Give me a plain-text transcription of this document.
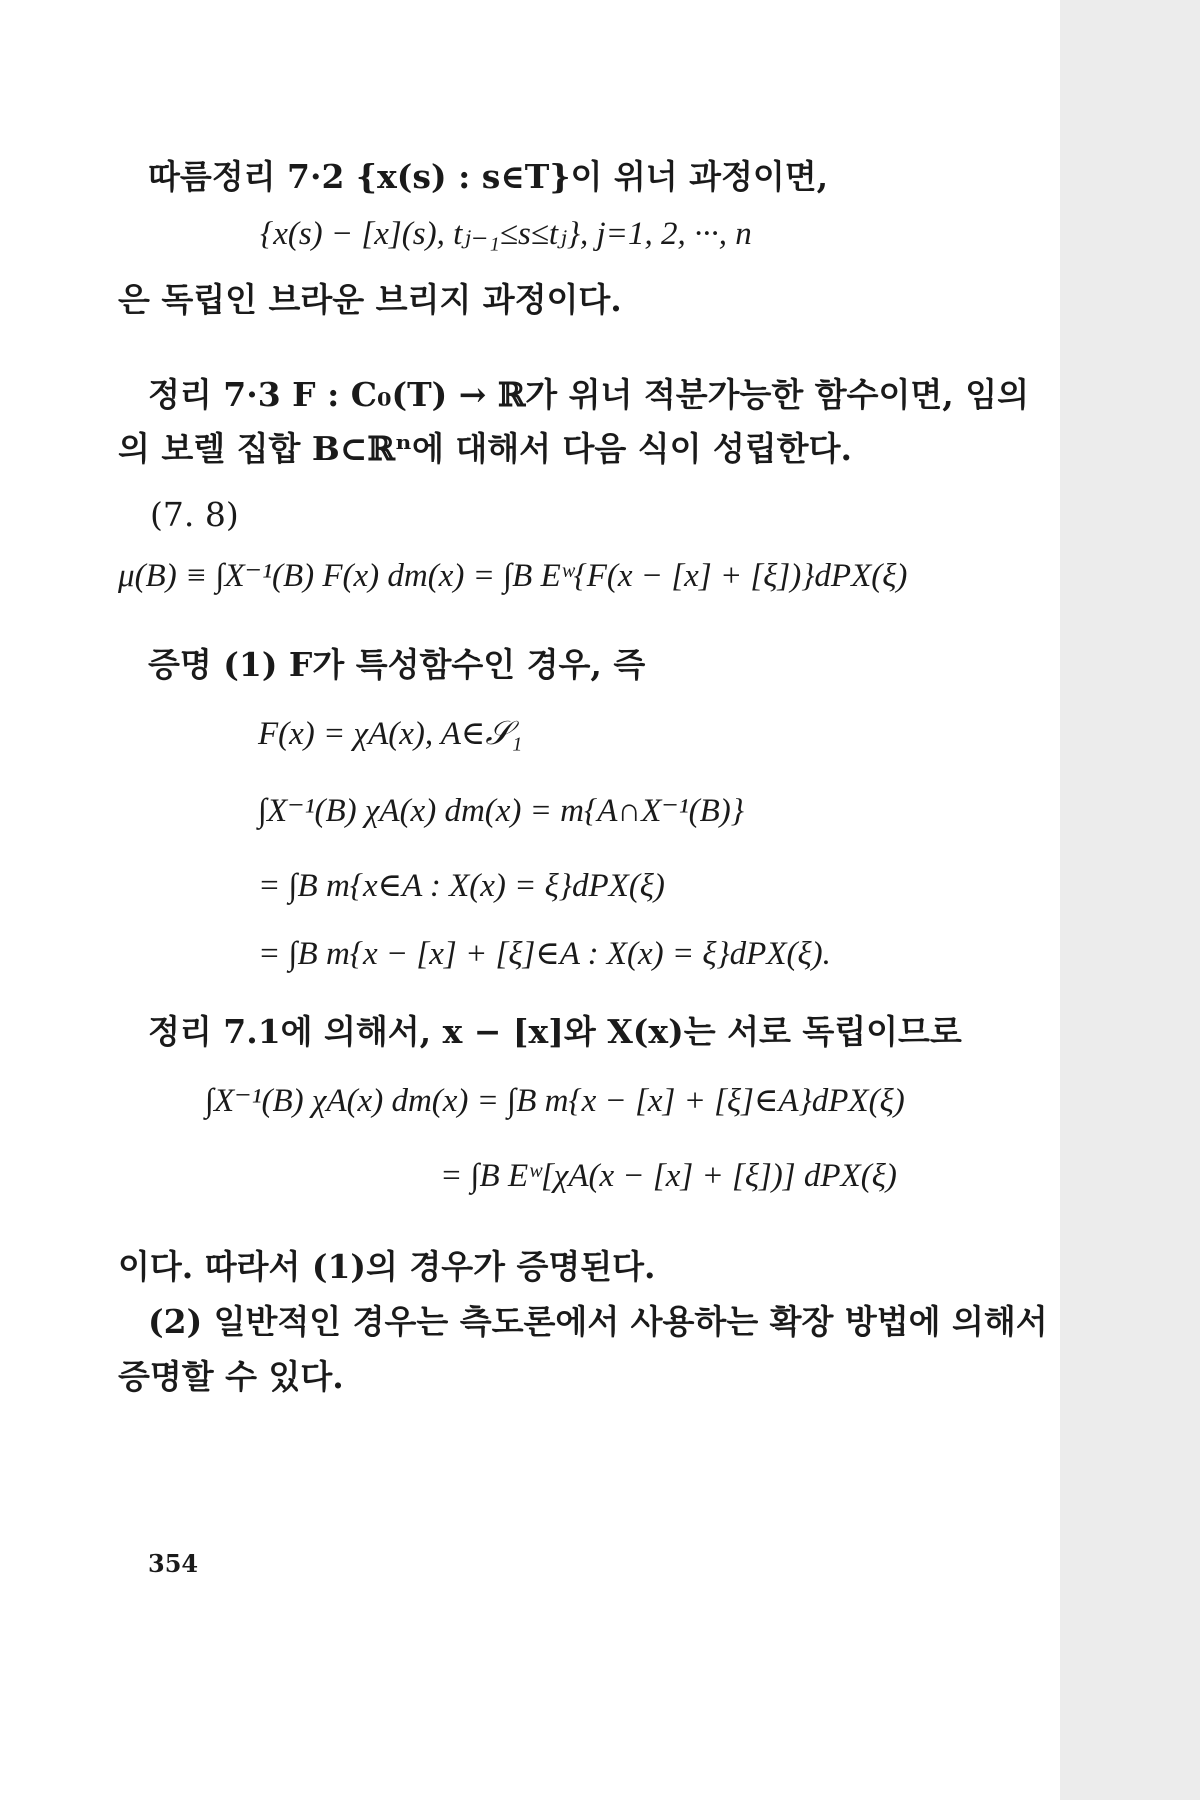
따름정리 7·2 {x(s) : s∈T}이 위너 과정이면,
{x(s) − [x](s), tⱼ₋₁≤s≤tⱼ}, j=1, 2, ···, n
은 독립인 브라운 브리지 과정이다.
정리 7·3 F : C₀(T) → ℝ가 위너 적분가능한 함수이면, 임의
의 보렐 집합 B⊂ℝⁿ에 대해서 다음 식이 성립한다.
(7. 8)
μ(B) ≡ ∫X⁻¹(B) F(x) dm(x) = ∫B Eʷ{F(x − [x] + [ξ])}dPX(ξ)
증명 (1) F가 특성함수인 경우, 즉
F(x) = χA(x), A∈𝒮₁
∫X⁻¹(B) χA(x) dm(x) = m{A∩X⁻¹(B)}
= ∫B m{x∈A : X(x) = ξ}dPX(ξ)
= ∫B m{x − [x] + [ξ]∈A : X(x) = ξ}dPX(ξ).
정리 7.1에 의해서, x − [x]와 X(x)는 서로 독립이므로
∫X⁻¹(B) χA(x) dm(x) = ∫B m{x − [x] + [ξ]∈A}dPX(ξ)
= ∫B Eʷ[χA(x − [x] + [ξ])] dPX(ξ)
이다. 따라서 (1)의 경우가 증명된다.
(2) 일반적인 경우는 측도론에서 사용하는 확장 방법에 의해서
증명할 수 있다.
354
